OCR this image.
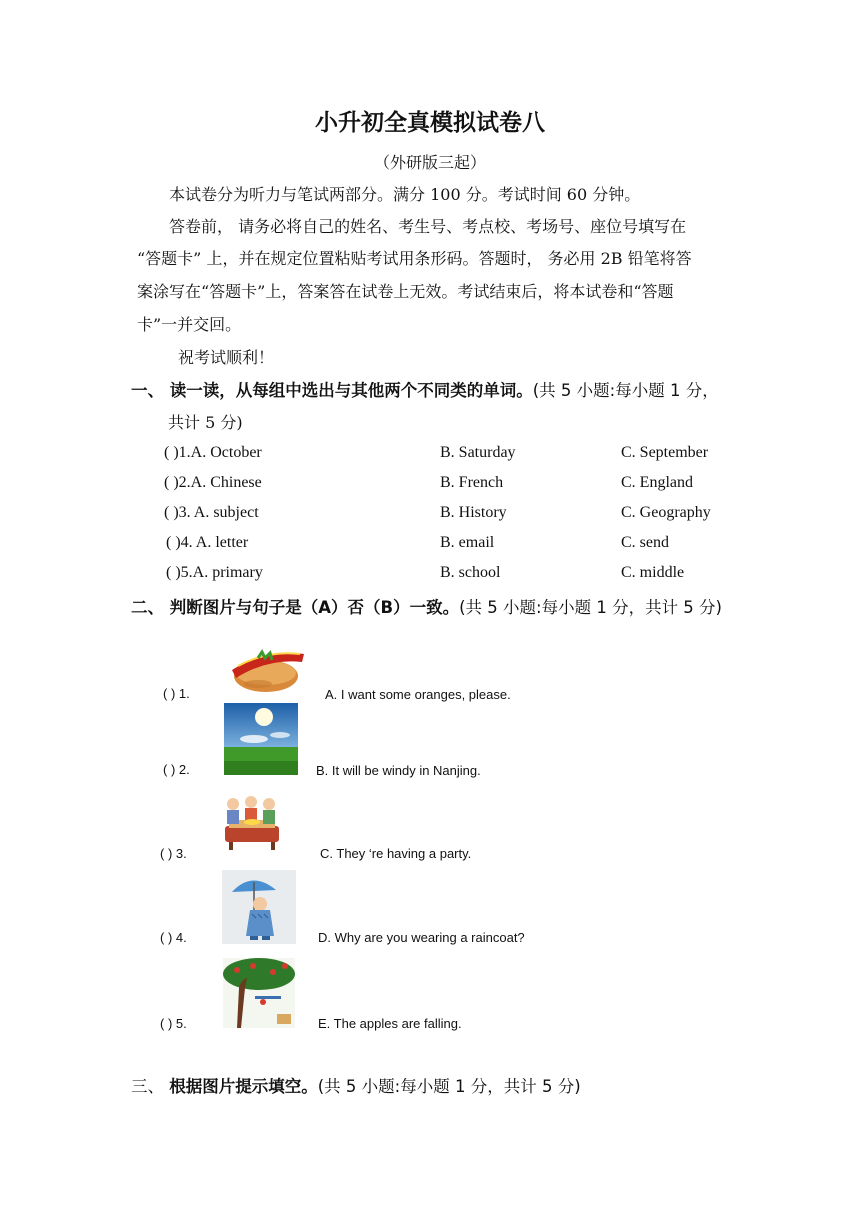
小升初全真模拟试卷八
（外研版三起）
本试卷分为听力与笔试两部分。满分 100 分。考试时间 60 分钟。
答卷前， 请务必将自己的姓名、考生号、考点校、考场号、座位号填写在
“答题卡” 上，并在规定位置粘贴考试用条形码。答题时， 务必用 2B 铅笔将答
案涂写在“答题卡”上，答案答在试卷上无效。考试结束后，将本试卷和“答题
卡”一并交回。
祝考试顺利！
一、 读一读，从每组中选出与其他两个不同类的单词。(共 5 小题:每小题 1 分，
共计 5 分)
( )1.A. October	B. Saturday	C. September
( )2.A. Chinese	B. French	C. England
( )3. A. subject	B. History	C. Geography
( )4. A. letter	B. email	C. send
( )5.A. primary	B. school	C. middle
二、 判断图片与句子是（A）否（B）一致。(共 5 小题:每小题 1 分，共计 5 分)
( ) 1.	A. I want some oranges, please.
( ) 2.	B. It will be windy in Nanjing.
( ) 3.	C. They ‘re having a party.
( ) 4.	D. Why are you wearing a raincoat?
( ) 5.	E. The apples are falling.
三、 根据图片提示填空。(共 5 小题:每小题 1 分，共计 5 分)
